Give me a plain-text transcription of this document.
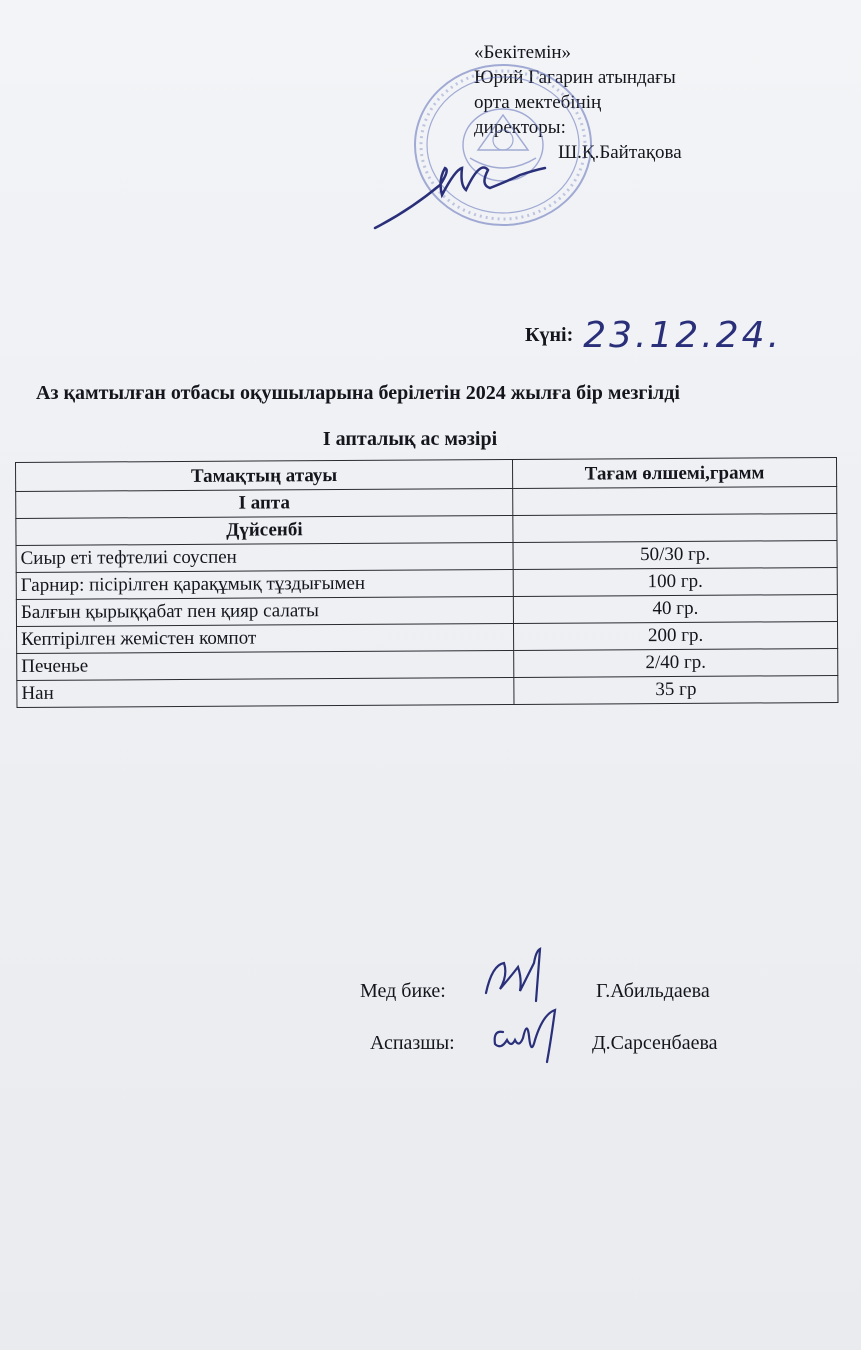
«Бекітемін»
Юрий Гагарин атындағы
орта мектебінің
директоры:
Ш.Қ.Байтақова
Күні: 23.12.24.
Аз қамтылған отбасы оқушыларына берілетін 2024 жылға бір мезгілді
I апталық ас мәзірі
Тамақтың атауы	Тағам өлшемі,грамм
I апта	
Дүйсенбі	
Сиыр еті тефтелиі соуспен	50/30 гр.
Гарнир: пісірілген қарақұмық тұздығымен	100 гр.
Балғын қырыққабат пен қияр салаты	40 гр.
Кептірілген жемістен компот	200 гр.
Печенье	2/40 гр.
Нан	35 гр
Мед бике:	Г.Абильдаева
Аспазшы:	Д.Сарсенбаева
